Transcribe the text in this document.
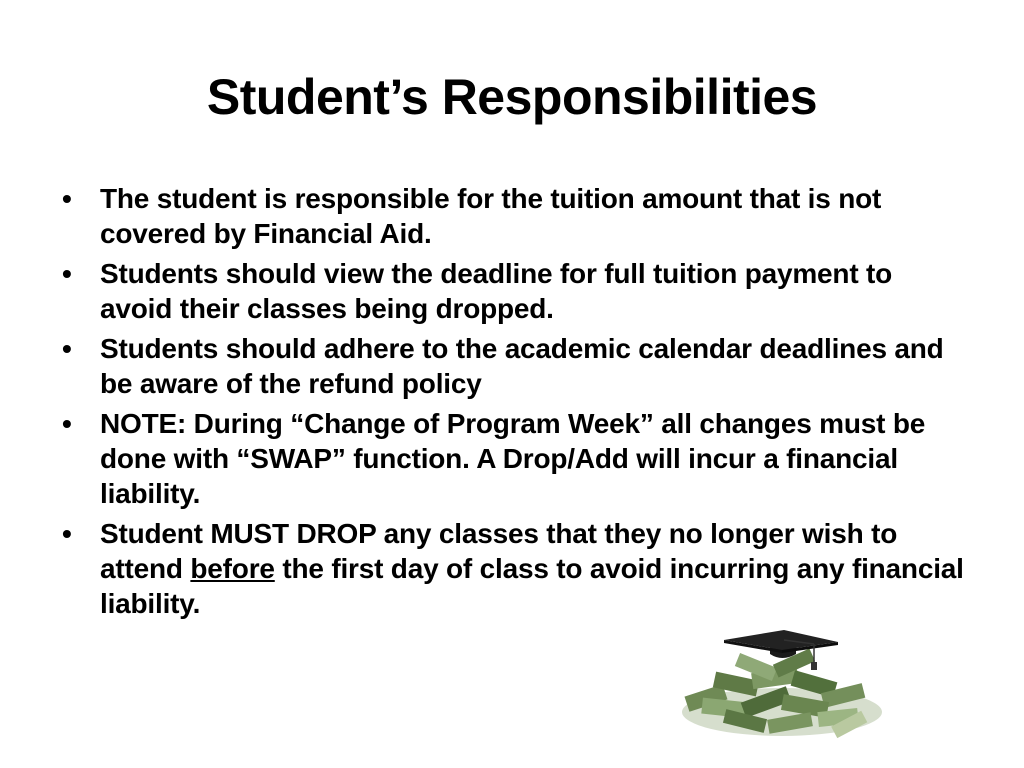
Student’s Responsibilities
•	The student is responsible for the tuition amount that is not covered by Financial Aid.
•	Students should view the deadline for full tuition payment to avoid their classes being dropped.
•	Students should adhere to the academic calendar deadlines and be aware of the refund policy
•	NOTE: During “Change of Program Week” all changes must be done with “SWAP” function. A Drop/Add will incur a financial liability.
•	Student MUST DROP any classes that they no longer wish to attend before the first day of class to avoid incurring any financial liability.
